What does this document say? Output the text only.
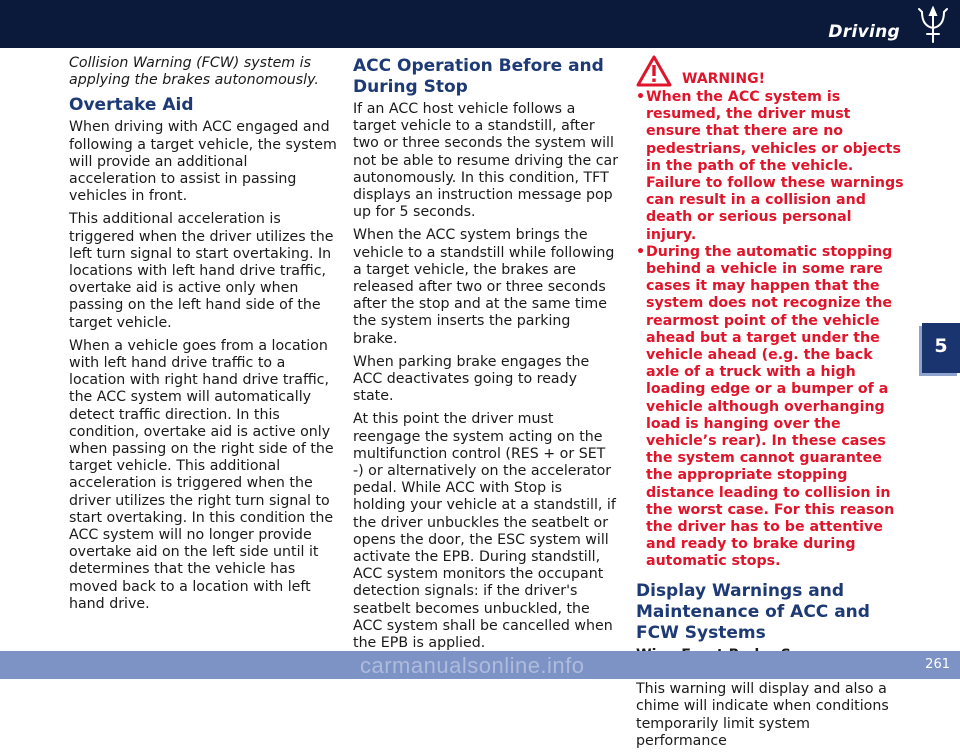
Driving
5

Collision Warning (FCW) system is applying the brakes autonomously.

Overtake Aid

When driving with ACC engaged and following a target vehicle, the system will provide an additional acceleration to assist in passing vehicles in front.

This additional acceleration is triggered when the driver utilizes the left turn signal to start overtaking. In locations with left hand drive traffic, overtake aid is active only when passing on the left hand side of the target vehicle.

When a vehicle goes from a location with left hand drive traffic to a location with right hand drive traffic, the ACC system will automatically detect traffic direction. In this condition, overtake aid is active only when passing on the right side of the target vehicle. This additional acceleration is triggered when the driver utilizes the right turn signal to start overtaking. In this condition the ACC system will no longer provide overtake aid on the left side until it determines that the vehicle has moved back to a location with left hand drive.

ACC Operation Before and During Stop

If an ACC host vehicle follows a target vehicle to a standstill, after two or three seconds the system will not be able to resume driving the car autonomously. In this condition, TFT displays an instruction message pop up for 5 seconds.

When the ACC system brings the vehicle to a standstill while following a target vehicle, the brakes are released after two or three seconds after the stop and at the same time the system inserts the parking brake.

When parking brake engages the ACC deactivates going to ready state.

At this point the driver must reengage the system acting on the multifunction control (RES + or SET -) or alternatively on the accelerator pedal. While ACC with Stop is holding your vehicle at a standstill, if the driver unbuckles the seatbelt or opens the door, the ESC system will activate the EPB. During standstill, ACC system monitors the occupant detection signals: if the driver's seatbelt becomes unbuckled, the ACC system shall be cancelled when the EPB is applied.

WARNING!
• When the ACC system is resumed, the driver must ensure that there are no pedestrians, vehicles or objects in the path of the vehicle. Failure to follow these warnings can result in a collision and death or serious personal injury.
• During the automatic stopping behind a vehicle in some rare cases it may happen that the system does not recognize the rearmost point of the vehicle ahead but a target under the vehicle ahead (e.g. the back axle of a truck with a high loading edge or a bumper of a vehicle although overhanging load is hanging over the vehicle’s rear). In these cases the system cannot guarantee the appropriate stopping distance leading to collision in the worst case. For this reason the driver has to be attentive and ready to brake during automatic stops.
Display Warnings and Maintenance of ACC and FCW Systems

This warning will display and also a chime will indicate when conditions temporarily limit system performance

carmanualsonline.info	261
